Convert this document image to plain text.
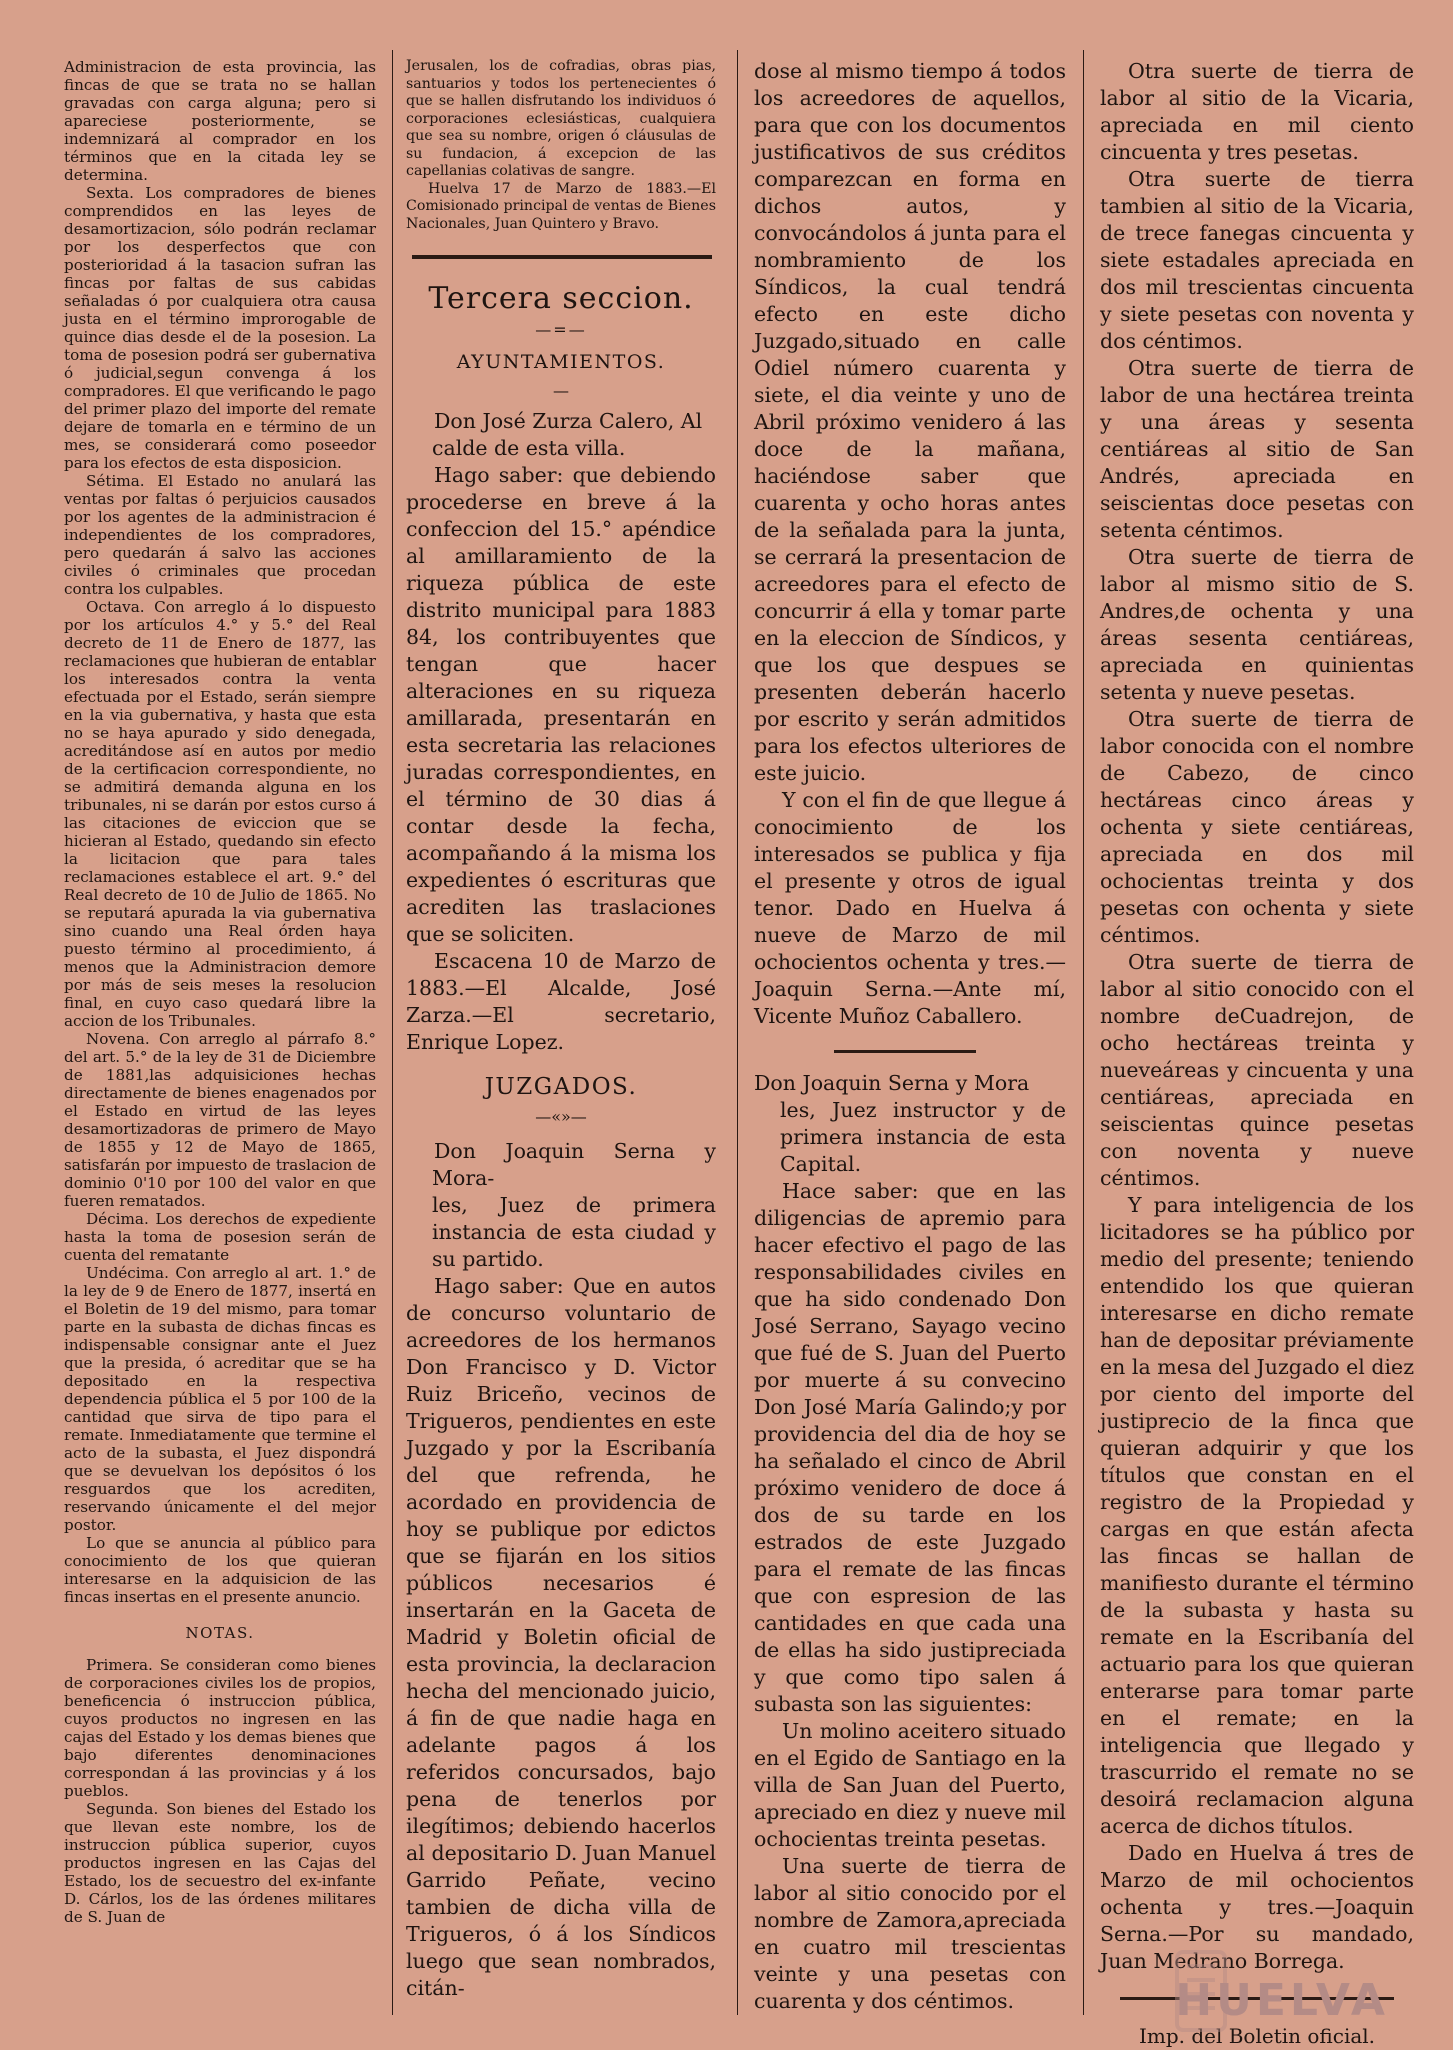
Administracion de esta provincia, las fincas de que se trata no se hallan gravadas con carga alguna; pero si apareciese posteriormente, se indemnizará al comprador en los términos que en la citada ley se determina.

Sexta. Los compradores de bienes comprendidos en las leyes de desamortizacion, sólo podrán reclamar por los desperfectos que con posterioridad á la tasacion sufran las fincas por faltas de sus cabidas señaladas ó por cualquiera otra causa justa en el término improrogable de quince dias desde el de la posesion. La toma de posesion podrá ser gubernativa ó judicial,segun convenga á los compradores. El que verificando le pago del primer plazo del importe del remate dejare de tomarla en e término de un mes, se considerará como poseedor para los efectos de esta disposicion.

Sétima. El Estado no anulará las ventas por faltas ó perjuicios causados por los agentes de la administracion é independientes de los compradores, pero quedarán á salvo las acciones civiles ó criminales que procedan contra los culpables.

Octava. Con arreglo á lo dispuesto por los artículos 4.° y 5.° del Real decreto de 11 de Enero de 1877, las reclamaciones que hubieran de entablar los interesados contra la venta efectuada por el Estado, serán siempre en la via gubernativa, y hasta que esta no se haya apurado y sido denegada, acreditándose así en autos por medio de la certificacion correspondiente, no se admitirá demanda alguna en los tribunales, ni se darán por estos curso á las citaciones de eviccion que se hicieran al Estado, quedando sin efecto la licitacion que para tales reclamaciones establece el art. 9.° del Real decreto de 10 de Julio de 1865. No se reputará apurada la via gubernativa sino cuando una Real órden haya puesto término al procedimiento, á menos que la Administracion demore por más de seis meses la resolucion final, en cuyo caso quedará libre la accion de los Tribunales.

Novena. Con arreglo al párrafo 8.° del art. 5.° de la ley de 31 de Diciembre de 1881,las adquisiciones hechas directamente de bienes enagenados por el Estado en virtud de las leyes desamortizadoras de primero de Mayo de 1855 y 12 de Mayo de 1865, satisfarán por impuesto de traslacion de dominio 0'10 por 100 del valor en que fueren rematados.

Décima. Los derechos de expediente hasta la toma de posesion serán de cuenta del rematante

Undécima. Con arreglo al art. 1.° de la ley de 9 de Enero de 1877, insertá en el Boletin de 19 del mismo, para tomar parte en la subasta de dichas fincas es indispensable consignar ante el Juez que la presida, ó acreditar que se ha depositado en la respectiva dependencia pública el 5 por 100 de la cantidad que sirva de tipo para el remate. Inmediatamente que termine el acto de la subasta, el Juez dispondrá que se devuelvan los depósitos ó los resguardos que los acrediten, reservando únicamente el del mejor postor.

Lo que se anuncia al público para conocimiento de los que quieran interesarse en la adquisicion de las fincas insertas en el presente anuncio.

NOTAS.

Primera. Se consideran como bienes de corporaciones civiles los de propios, beneficencia ó instruccion pública, cuyos productos no ingresen en las cajas del Estado y los demas bienes que bajo diferentes denominaciones correspondan á las provincias y á los pueblos.

Segunda. Son bienes del Estado los que llevan este nombre, los de instruccion pública superior, cuyos productos ingresen en las Cajas del Estado, los de secuestro del ex-infante D. Cárlos, los de las órdenes militares de S. Juan de

Jerusalen, los de cofradias, obras pias, santuarios y todos los pertenecientes ó que se hallen disfrutando los individuos ó corporaciones eclesiásticas, cualquiera que sea su nombre, origen ó cláusulas de su fundacion, á excepcion de las capellanias colativas de sangre.

Huelva 17 de Marzo de 1883.—El Comisionado principal de ventas de Bienes Nacionales, Juan Quintero y Bravo.

Tercera seccion.
—=—
AYUNTAMIENTOS.
—

Don José Zurza Calero, Al
calde de esta villa.

Hago saber: que debiendo procederse en breve á la confeccion del 15.° apéndice al amillaramiento de la riqueza pública de este distrito municipal para 1883 84, los contribuyentes que tengan que hacer alteraciones en su riqueza amillarada, presentarán en esta secretaria las relaciones juradas correspondientes, en el término de 30 dias á contar desde la fecha, acompañando á la misma los expedientes ó escrituras que acrediten las traslaciones que se soliciten.

Escacena 10 de Marzo de 1883.—El Alcalde, José Zarza.—El secretario, Enrique Lopez.

JUZGADOS.
—«»—

Don Joaquin Serna y Mora-
les, Juez de primera instancia de esta ciudad y su partido.

Hago saber: Que en autos de concurso voluntario de acreedores de los hermanos Don Francisco y D. Victor Ruiz Briceño, vecinos de Trigueros, pendientes en este Juzgado y por la Escribanía del que refrenda, he acordado en providencia de hoy se publique por edictos que se fijarán en los sitios públicos necesarios é insertarán en la Gaceta de Madrid y Boletin oficial de esta provincia, la declaracion hecha del mencionado juicio, á fin de que nadie haga en adelante pagos á los referidos concursados, bajo pena de tenerlos por ilegítimos; debiendo hacerlos al depositario D. Juan Manuel Garrido Peñate, vecino tambien de dicha villa de Trigueros, ó á los Síndicos luego que sean nombrados, citán-

dose al mismo tiempo á todos los acreedores de aquellos, para que con los documentos justificativos de sus créditos comparezcan en forma en dichos autos, y convocándolos á junta para el nombramiento de los Síndicos, la cual tendrá efecto en este dicho Juzgado,situado en calle Odiel número cuarenta y siete, el dia veinte y uno de Abril próximo venidero á las doce de la mañana, haciéndose saber que cuarenta y ocho horas antes de la señalada para la junta, se cerrará la presentacion de acreedores para el efecto de concurrir á ella y tomar parte en la eleccion de Síndicos, y que los que despues se presenten deberán hacerlo por escrito y serán admitidos para los efectos ulteriores de este juicio.

Y con el fin de que llegue á conocimiento de los interesados se publica y fija el presente y otros de igual tenor. Dado en Huelva á nueve de Marzo de mil ochocientos ochenta y tres.—Joaquin Serna.—Ante mí, Vicente Muñoz Caballero.

Don Joaquin Serna y Mora
les, Juez instructor y de primera instancia de esta Capital.

Hace saber: que en las diligencias de apremio para hacer efectivo el pago de las responsabilidades civiles en que ha sido condenado Don José Serrano, Sayago vecino que fué de S. Juan del Puerto por muerte á su convecino Don José María Galindo;y por providencia del dia de hoy se ha señalado el cinco de Abril próximo venidero de doce á dos de su tarde en los estrados de este Juzgado para el remate de las fincas que con espresion de las cantidades en que cada una de ellas ha sido justipreciada y que como tipo salen á subasta son las siguientes:

Un molino aceitero situado en el Egido de Santiago en la villa de San Juan del Puerto, apreciado en diez y nueve mil ochocientas treinta pesetas.

Una suerte de tierra de labor al sitio conocido por el nombre de Zamora,apreciada en cuatro mil trescientas veinte y una pesetas con cuarenta y dos céntimos.

Otra suerte de tierra de labor al sitio de la Vicaria, apreciada en mil ciento cincuenta y tres pesetas.

Otra suerte de tierra tambien al sitio de la Vicaria, de trece fanegas cincuenta y siete estadales apreciada en dos mil trescientas cincuenta y siete pesetas con noventa y dos céntimos.

Otra suerte de tierra de labor de una hectárea treinta y una áreas y sesenta centiáreas al sitio de San Andrés, apreciada en seiscientas doce pesetas con setenta céntimos.

Otra suerte de tierra de labor al mismo sitio de S. Andres,de ochenta y una áreas sesenta centiáreas, apreciada en quinientas setenta y nueve pesetas.

Otra suerte de tierra de labor conocida con el nombre de Cabezo, de cinco hectáreas cinco áreas y ochenta y siete centiáreas, apreciada en dos mil ochocientas treinta y dos pesetas con ochenta y siete céntimos.

Otra suerte de tierra de labor al sitio conocido con el nombre deCuadrejon, de ocho hectáreas treinta y nueveáreas y cincuenta y una centiáreas, apreciada en seiscientas quince pesetas con noventa y nueve céntimos.

Y para inteligencia de los licitadores se ha público por medio del presente; teniendo entendido los que quieran interesarse en dicho remate han de depositar préviamente en la mesa del Juzgado el diez por ciento del importe del justiprecio de la finca que quieran adquirir y que los títulos que constan en el registro de la Propiedad y cargas en que están afecta las fincas se hallan de manifiesto durante el término de la subasta y hasta su remate en la Escribanía del actuario para los que quieran enterarse para tomar parte en el remate; en la inteligencia que llegado y trascurrido el remate no se desoirá reclamacion alguna acerca de dichos títulos.

Dado en Huelva á tres de Marzo de mil ochocientos ochenta y tres.—Joaquin Serna.—Por su mandado, Juan Medrano Borrega.

Imp. del Boletin oficial.
HUELVA
